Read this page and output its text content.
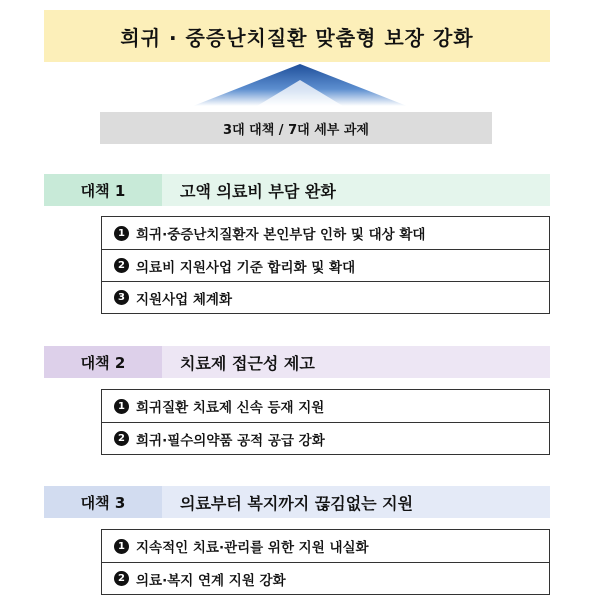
희귀 · 중증난치질환 맞춤형 보장 강화
3대 대책 / 7대 세부 과제
대책 1	고액 의료비 부담 완화
1 희귀·중증난치질환자 본인부담 인하 및 대상 확대
2 의료비 지원사업 기준 합리화 및 확대
3 지원사업 체계화
대책 2	치료제 접근성 제고
1 희귀질환 치료제 신속 등재 지원
2 희귀·필수의약품 공적 공급 강화
대책 3	의료부터 복지까지 끊김없는 지원
1 지속적인 치료·관리를 위한 지원 내실화
2 의료·복지 연계 지원 강화
